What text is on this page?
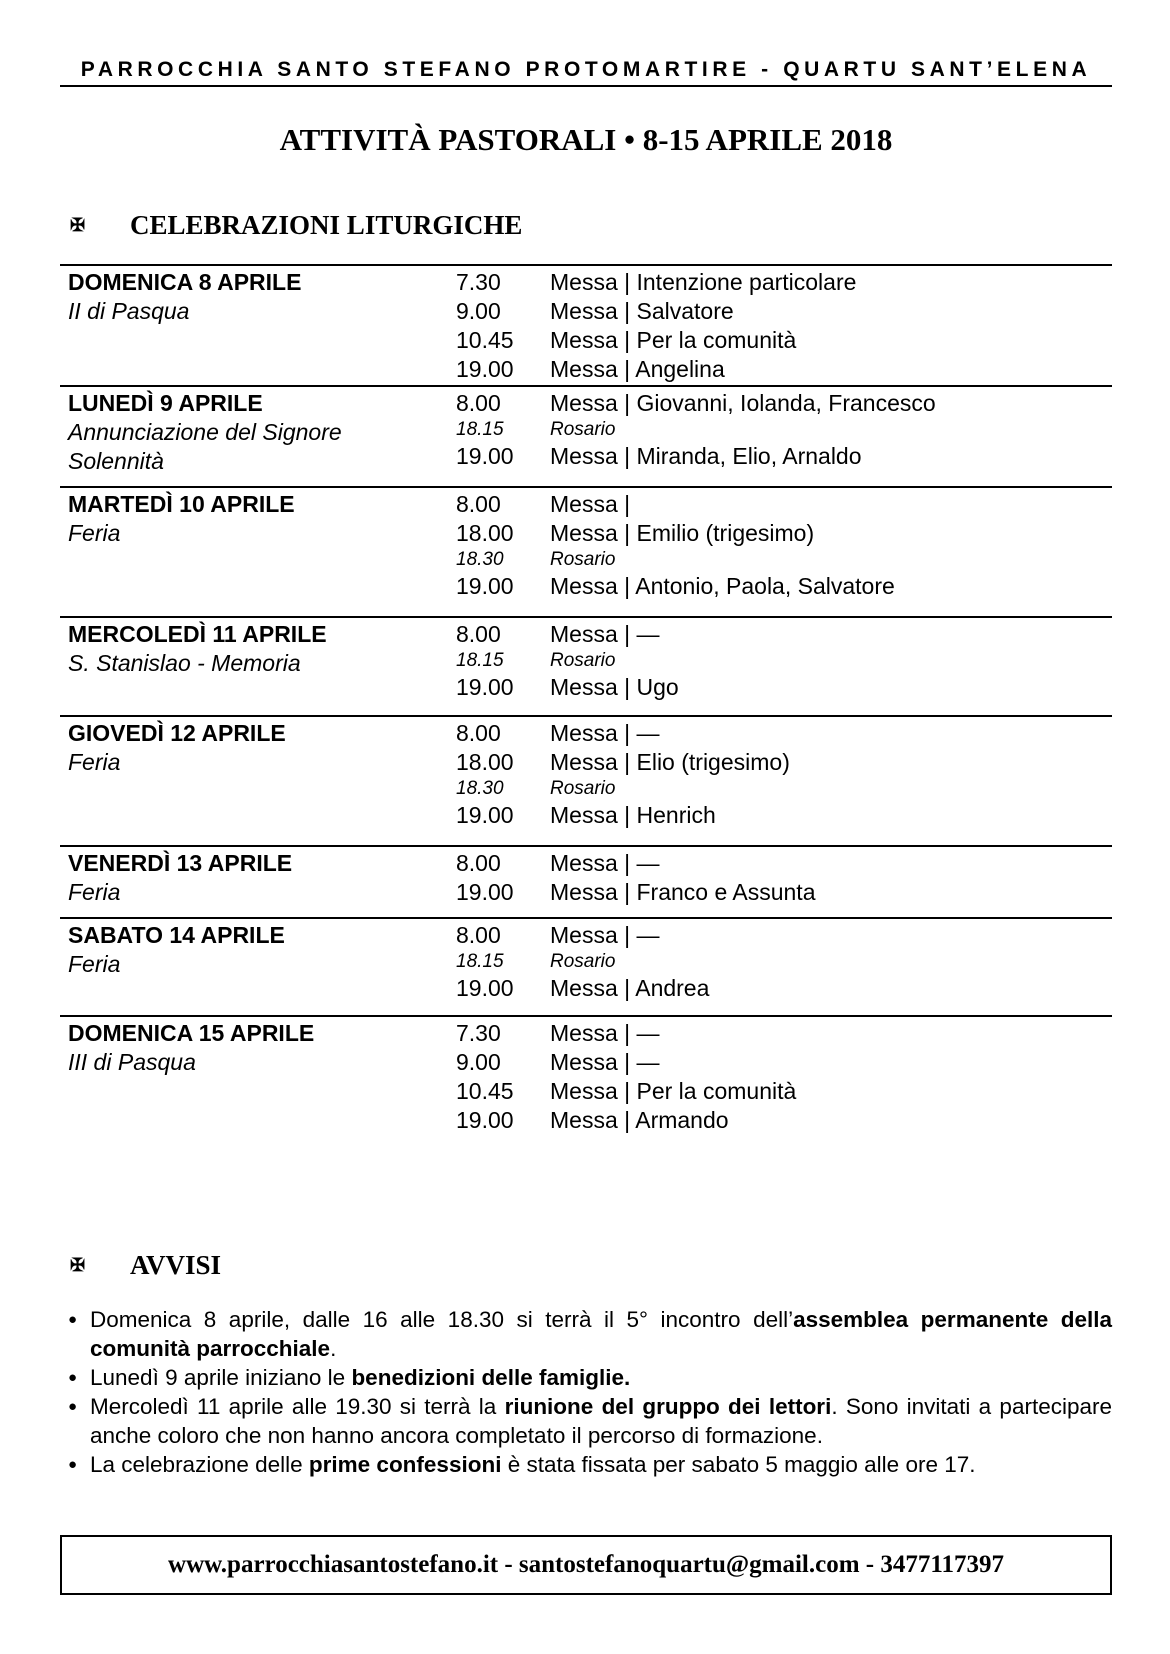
PARROCCHIA SANTO STEFANO PROTOMARTIRE - QUARTU SANT’ELENA
ATTIVITÀ PASTORALI • 8-15 APRILE 2018
✠	CELEBRAZIONI LITURGICHE
DOMENICA 8 APRILE
II di Pasqua
7.30	Messa | Intenzione particolare
9.00	Messa | Salvatore
10.45	Messa | Per la comunità
19.00	Messa | Angelina
LUNEDÌ 9 APRILE
Annunciazione del Signore
Solennità
8.00	Messa | Giovanni, Iolanda, Francesco
18.15	Rosario
19.00	Messa | Miranda, Elio, Arnaldo
MARTEDÌ 10 APRILE
Feria
8.00	Messa |
18.00	Messa | Emilio (trigesimo)
18.30	Rosario
19.00	Messa | Antonio, Paola, Salvatore
MERCOLEDÌ 11 APRILE
S. Stanislao - Memoria
8.00	Messa | —
18.15	Rosario
19.00	Messa | Ugo
GIOVEDÌ 12 APRILE
Feria
8.00	Messa | —
18.00	Messa | Elio (trigesimo)
18.30	Rosario
19.00	Messa | Henrich
VENERDÌ 13 APRILE
Feria
8.00	Messa | —
19.00	Messa | Franco e Assunta
SABATO 14 APRILE
Feria
8.00	Messa | —
18.15	Rosario
19.00	Messa | Andrea
DOMENICA 15 APRILE
III di Pasqua
7.30	Messa | —
9.00	Messa | —
10.45	Messa | Per la comunità
19.00	Messa | Armando
✠	AVVISI
● Domenica 8 aprile, dalle 16 alle 18.30 si terrà il 5° incontro dell’assemblea permanente della comunità parrocchiale.
● Lunedì 9 aprile iniziano le benedizioni delle famiglie.
● Mercoledì 11 aprile alle 19.30 si terrà la riunione del gruppo dei lettori. Sono invitati a partecipare anche coloro che non hanno ancora completato il percorso di formazione.
● La celebrazione delle prime confessioni è stata fissata per sabato 5 maggio alle ore 17.
www.parrocchiasantostefano.it - santostefanoquartu@gmail.com - 3477117397
